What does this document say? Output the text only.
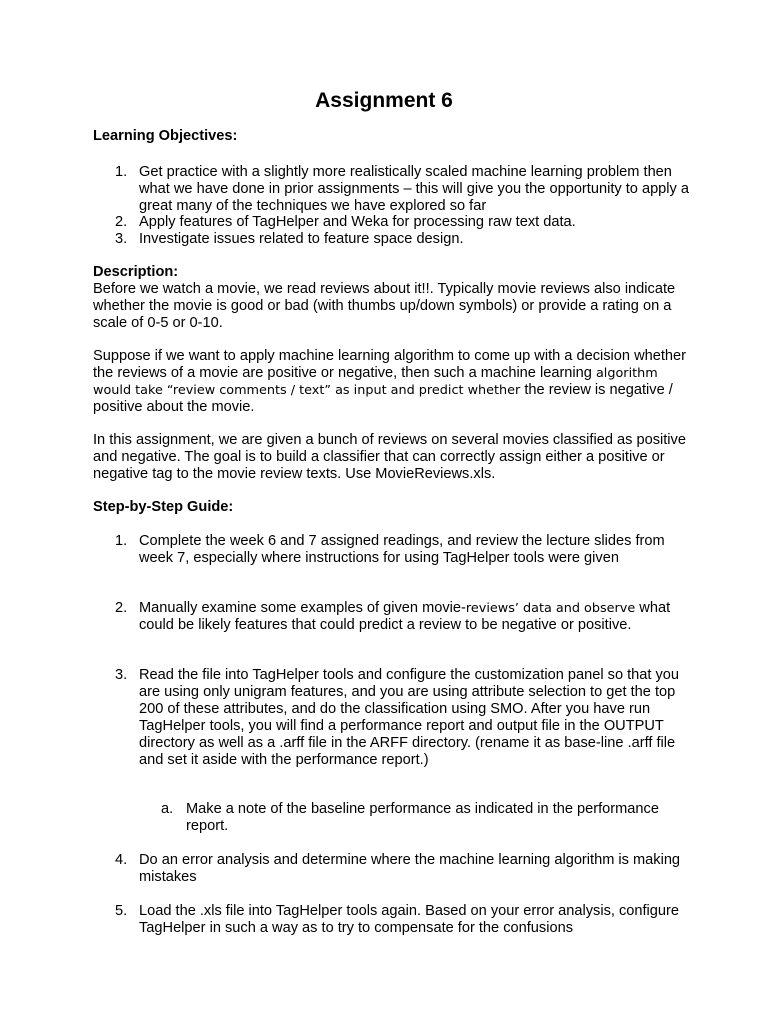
Assignment 6
Learning Objectives:
1. Get practice with a slightly more realistically scaled machine learning problem then what we have done in prior assignments – this will give you the opportunity to apply a great many of the techniques we have explored so far

2. Apply features of TagHelper and Weka for processing raw text data.

3. Investigate issues related to feature space design.

Description:

Before we watch a movie, we read reviews about it!!. Typically movie reviews also indicate whether the movie is good or bad (with thumbs up/down symbols) or provide a rating on a scale of 0-5 or 0-10.

Suppose if we want to apply machine learning algorithm to come up with a decision whether the reviews of a movie are positive or negative, then such a machine learning algorithm would take “review comments / text” as input and predict whether the review is negative / positive about the movie.

In this assignment, we are given a bunch of reviews on several movies classified as positive and negative. The goal is to build a classifier that can correctly assign either a positive or negative tag to the movie review texts. Use MovieReviews.xls.

Step-by-Step Guide:
1. Complete the week 6 and 7 assigned readings, and review the lecture slides from week 7, especially where instructions for using TagHelper tools were given

2. Manually examine some examples of given movie-reviews’ data and observe what could be likely features that could predict a review to be negative or positive.

3. Read the file into TagHelper tools and configure the customization panel so that you are using only unigram features, and you are using attribute selection to get the top 200 of these attributes, and do the classification using SMO. After you have run TagHelper tools, you will find a performance report and output file in the OUTPUT directory as well as a .arff file in the ARFF directory. (rename it as base-line .arff file and set it aside with the performance report.)

a. Make a note of the baseline performance as indicated in the performance report.

4. Do an error analysis and determine where the machine learning algorithm is making mistakes

5. Load the .xls file into TagHelper tools again. Based on your error analysis, configure TagHelper in such a way as to try to compensate for the confusions
